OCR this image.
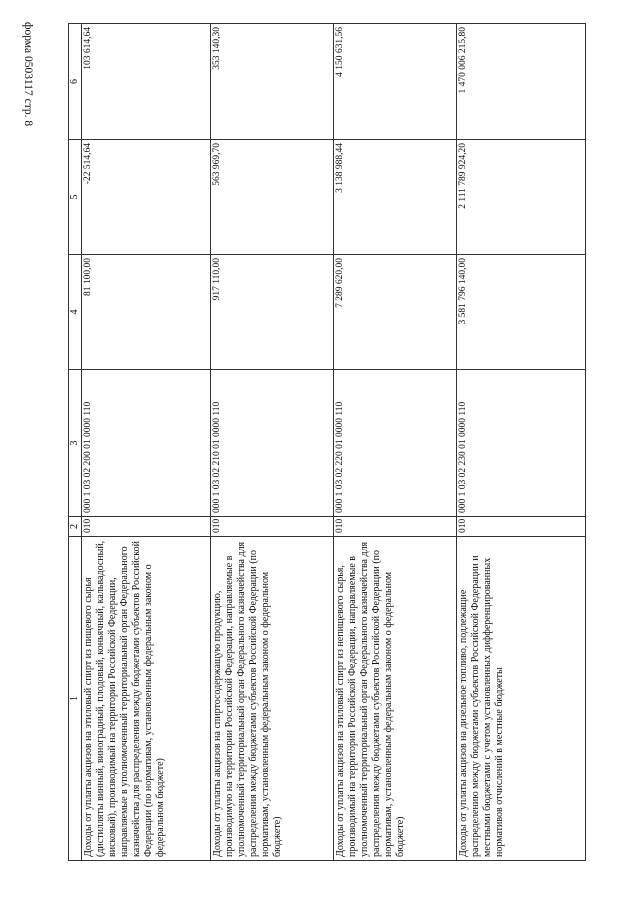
форма 0503117 стр. 8
1	2	3	4	5	6
Доходы от уплаты акцизов на этиловый спирт из пищевого сырья (дистилляты винный, виноградный, плодовый, коньячный, кальвадосный, висковый), производимый на территории Российской Федерации, направляемые в уполномоченный территориальный орган Федерального казначейства для распределения между бюджетами субъектов Российской Федерации (по нормативам, установленным федеральным законом о федеральном бюджете)	010	000 1 03 02 200 01 0000 110	81 100,00	-22 514,64	103 614,64
Доходы от уплаты акцизов на спиртосодержащую продукцию, производимую на территории Российской Федерации, направляемые в уполномоченный территориальный орган Федерального казначейства для распределения между бюджетами субъектов Российской Федерации (по нормативам, установленным федеральным законом о федеральном бюджете)	010	000 1 03 02 210 01 0000 110	917 110,00	563 969,70	353 140,30
Доходы от уплаты акцизов на этиловый спирт из непищевого сырья, производимый на территории Российской Федерации, направляемые в уполномоченный территориальный орган Федерального казначейства для распределения между бюджетами субъектов Российской Федерации (по нормативам, установленным федеральным законом о федеральном бюджете)	010	000 1 03 02 220 01 0000 110	7 289 620,00	3 138 988,44	4 150 631,56
Доходы от уплаты акцизов на дизельное топливо, подлежащие распределению между бюджетами субъектов Российской Федерации и местными бюджетами с учетом установленных дифференцированных нормативов отчислений в местные бюджеты	010	000 1 03 02 230 01 0000 110	3 581 796 140,00	2 111 789 924,20	1 470 006 215,80
